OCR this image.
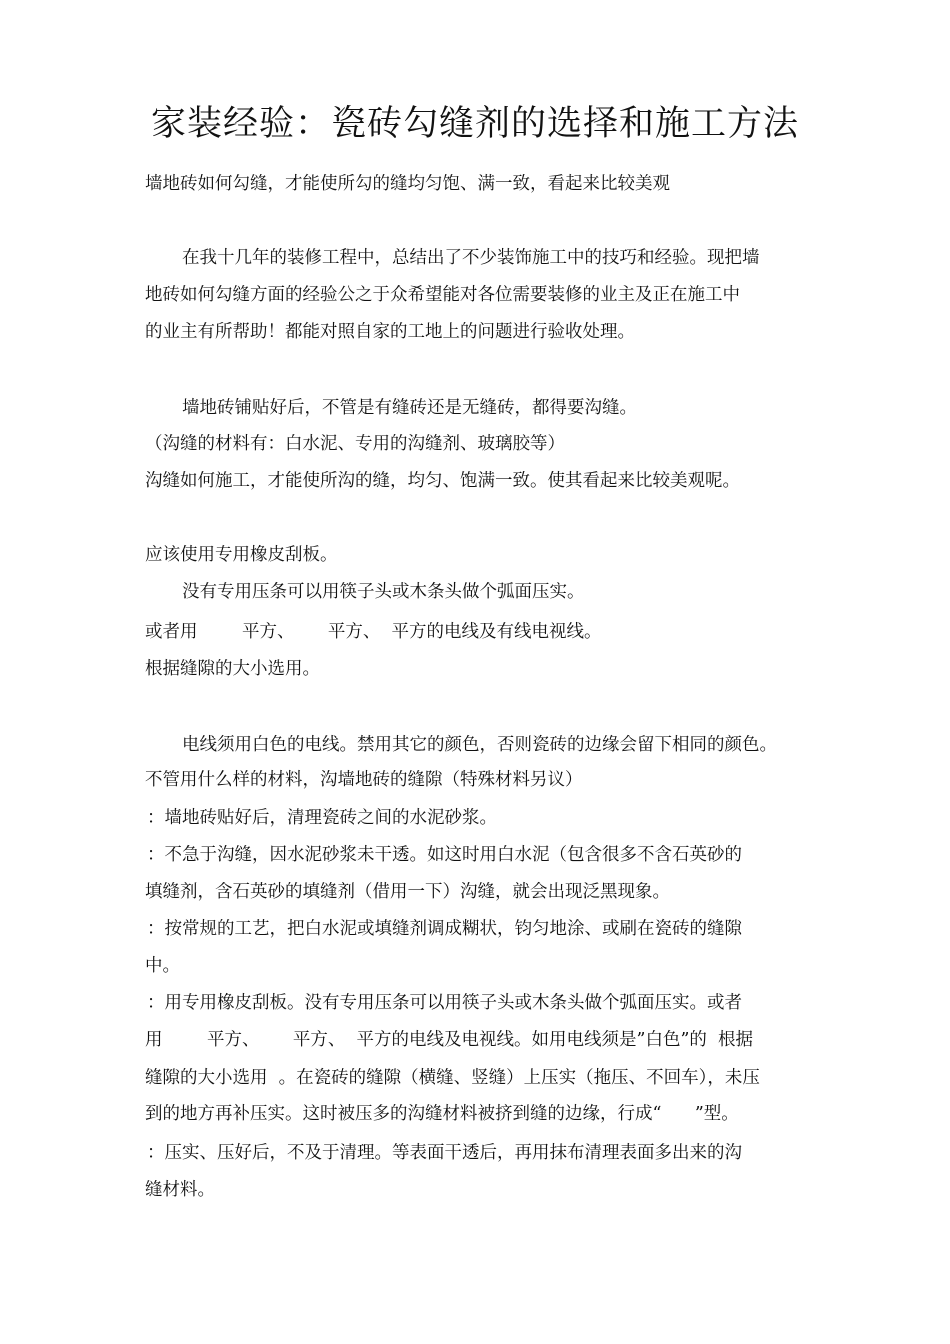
家装经验：瓷砖勾缝剂的选择和施工方法

墙地砖如何勾缝，才能使所勾的缝均匀饱、满一致，看起来比较美观

在我十几年的装修工程中，总结出了不少装饰施工中的技巧和经验。现把墙

地砖如何勾缝方面的经验公之于众希望能对各位需要装修的业主及正在施工中

的业主有所帮助！都能对照自家的工地上的问题进行验收处理。

墙地砖铺贴好后，不管是有缝砖还是无缝砖，都得要沟缝。

（沟缝的材料有：白水泥、专用的沟缝剂、玻璃胶等）

沟缝如何施工，才能使所沟的缝，均匀、饱满一致。使其看起来比较美观呢。

应该使用专用橡皮刮板。

没有专用压条可以用筷子头或木条头做个弧面压实。

或者用        平方、      平方、  平方的电线及有线电视线。

根据缝隙的大小选用。

电线须用白色的电线。禁用其它的颜色，否则瓷砖的边缘会留下相同的颜色。

不管用什么样的材料，沟墙地砖的缝隙（特殊材料另议）

：墙地砖贴好后，清理瓷砖之间的水泥砂浆。

：不急于沟缝，因水泥砂浆未干透。如这时用白水泥（包含很多不含石英砂的

填缝剂，含石英砂的填缝剂（借用一下）沟缝，就会出现泛黑现象。

：按常规的工艺，把白水泥或填缝剂调成糊状，钧匀地涂、或刷在瓷砖的缝隙

中。

：用专用橡皮刮板。没有专用压条可以用筷子头或木条头做个弧面压实。或者

用        平方、      平方、  平方的电线及电视线。如用电线须是”白色”的  根据

缝隙的大小选用  。在瓷砖的缝隙（横缝、竖缝）上压实（拖压、不回车），未压

到的地方再补压实。这时被压多的沟缝材料被挤到缝的边缘，行成“      ”型。

：压实、压好后，不及于清理。等表面干透后，再用抹布清理表面多出来的沟

缝材料。
